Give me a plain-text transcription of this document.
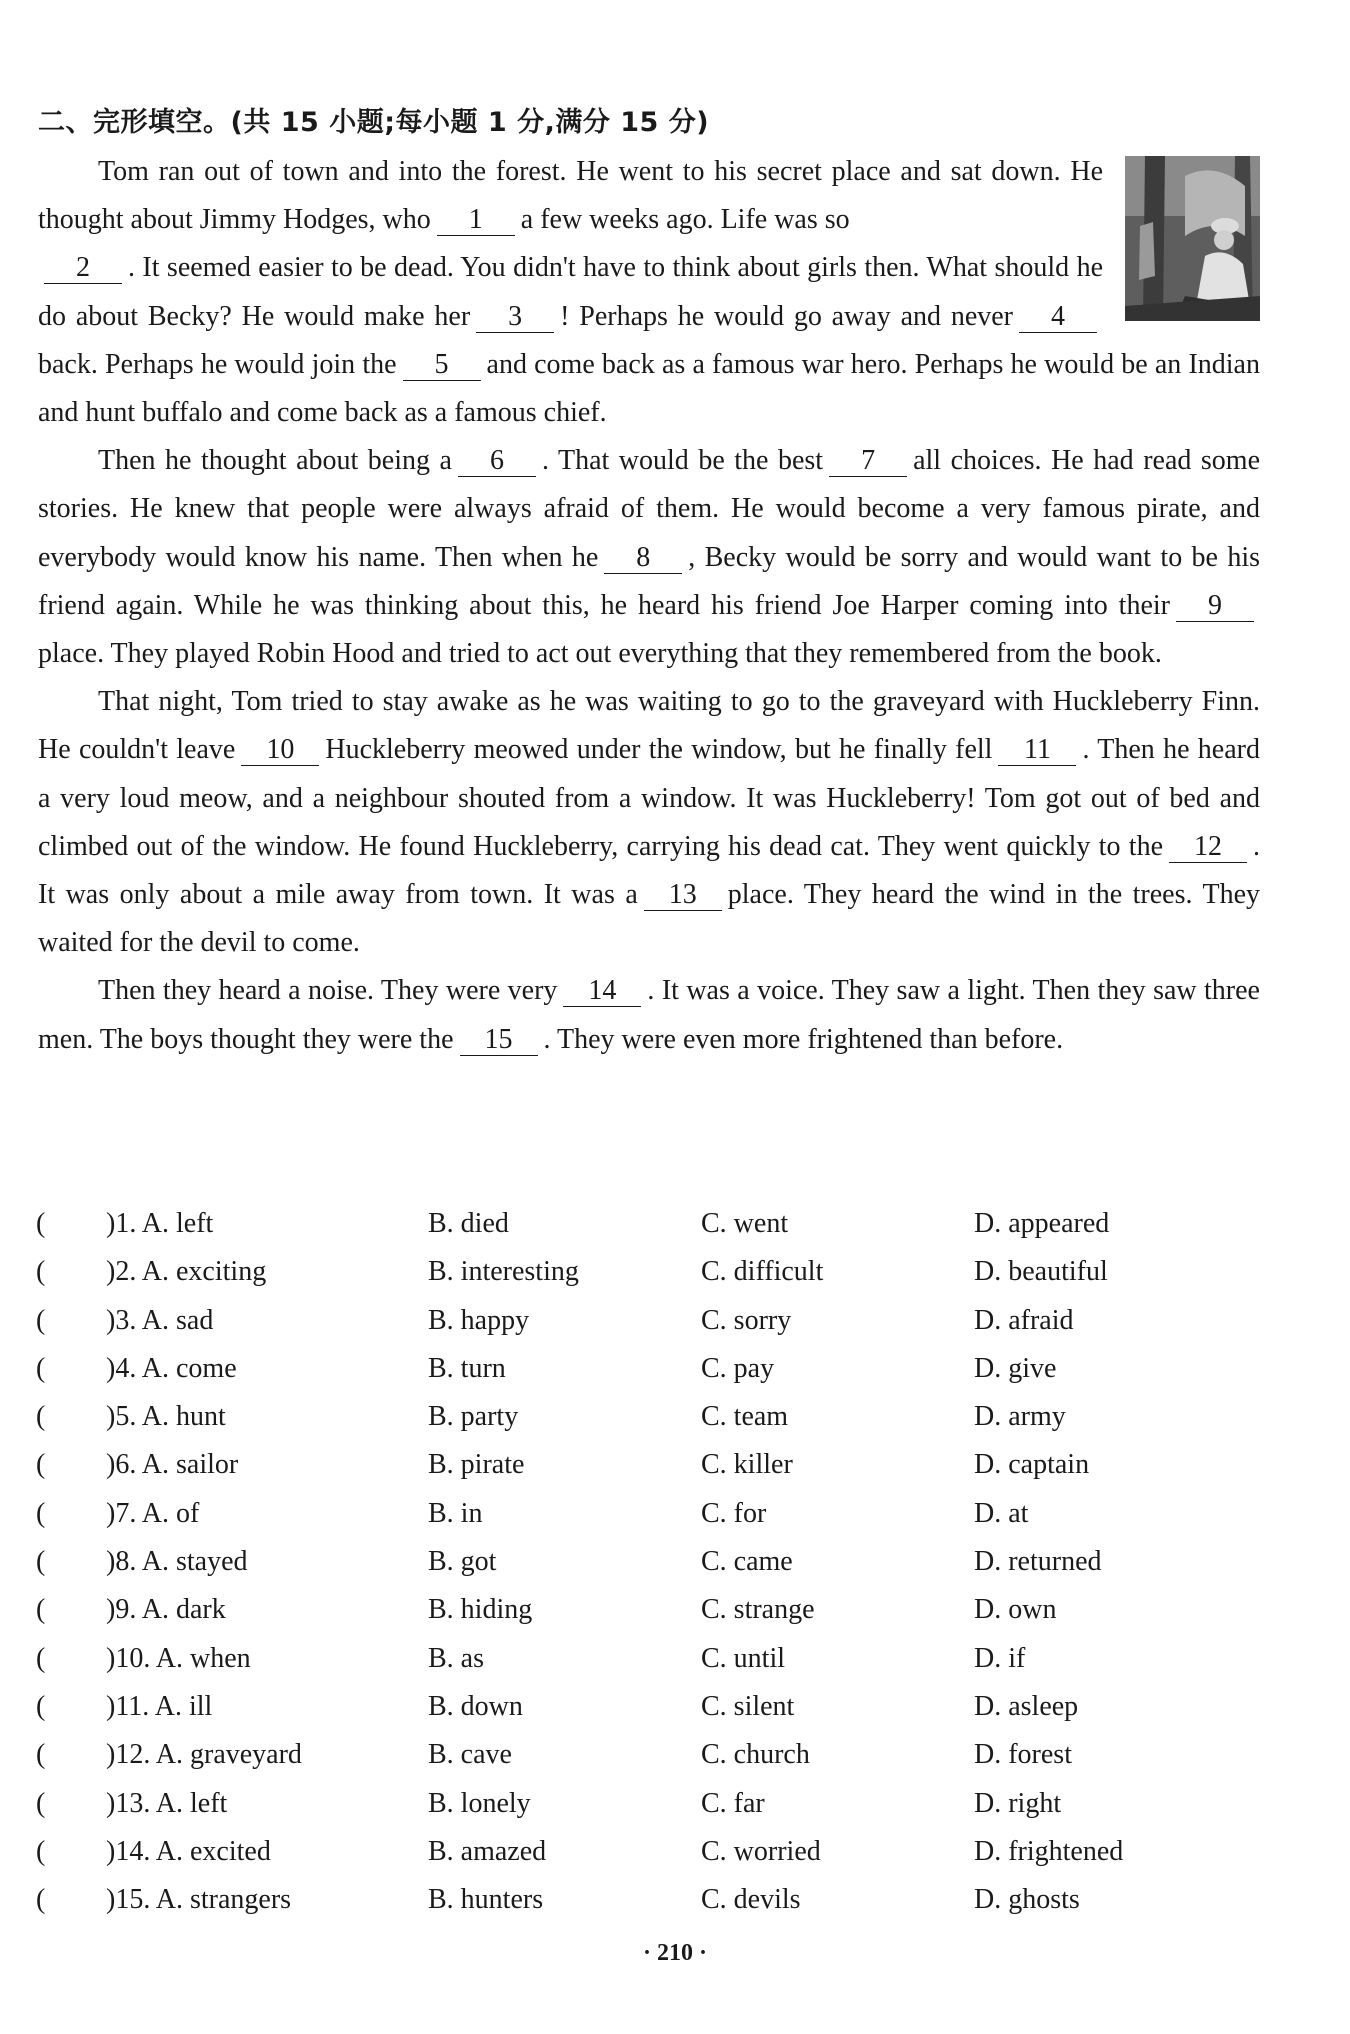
二、完形填空。(共 15 小题;每小题 1 分,满分 15 分)

Tom ran out of town and into the forest. He went to his secret place and sat down. He thought about Jimmy Hodges, who 1 a few weeks ago. Life was so
2 . It seemed easier to be dead. You didn't have to think about girls then. What should he do about Becky? He would make her 3 ! Perhaps he would go away and never 4back. Perhaps he would join the 5 and come back as a famous war hero. Perhaps he would be an Indian and hunt buffalo and come back as a famous chief.

Then he thought about being a 6 . That would be the best 7 all choices. He had read some stories. He knew that people were always afraid of them. He would become a very famous pirate, and everybody would know his name. Then when he 8 , Becky would be sorry and would want to be his friend again. While he was thinking about this, he heard his friend Joe Harper coming into their 9place. They played Robin Hood and tried to act out everything that they remembered from the book.

That night, Tom tried to stay awake as he was waiting to go to the graveyard with Huckleberry Finn. He couldn't leave 10 Huckleberry meowed under the window, but he finally fell 11 . Then he heard a very loud meow, and a neighbour shouted from a window. It was Huckleberry! Tom got out of bed and climbed out of the window. He found Huckleberry, carrying his dead cat. They went quickly to the 12 . It was only about a mile away from town. It was a 13 place. They heard the wind in the trees. They waited for the devil to come.

Then they heard a noise. They were very 14 . It was a voice. They saw a light. Then they saw three men. The boys thought they were the 15 . They were even more frightened than before.

( )1. A. left	B. died	C. went	D. appeared
( )2. A. exciting	B. interesting	C. difficult	D. beautiful
( )3. A. sad	B. happy	C. sorry	D. afraid
( )4. A. come	B. turn	C. pay	D. give
( )5. A. hunt	B. party	C. team	D. army
( )6. A. sailor	B. pirate	C. killer	D. captain
( )7. A. of	B. in	C. for	D. at
( )8. A. stayed	B. got	C. came	D. returned
( )9. A. dark	B. hiding	C. strange	D. own
( )10. A. when	B. as	C. until	D. if
( )11. A. ill	B. down	C. silent	D. asleep
( )12. A. graveyard	B. cave	C. church	D. forest
( )13. A. left	B. lonely	C. far	D. right
( )14. A. excited	B. amazed	C. worried	D. frightened
( )15. A. strangers	B. hunters	C. devils	D. ghosts
· 210 ·
